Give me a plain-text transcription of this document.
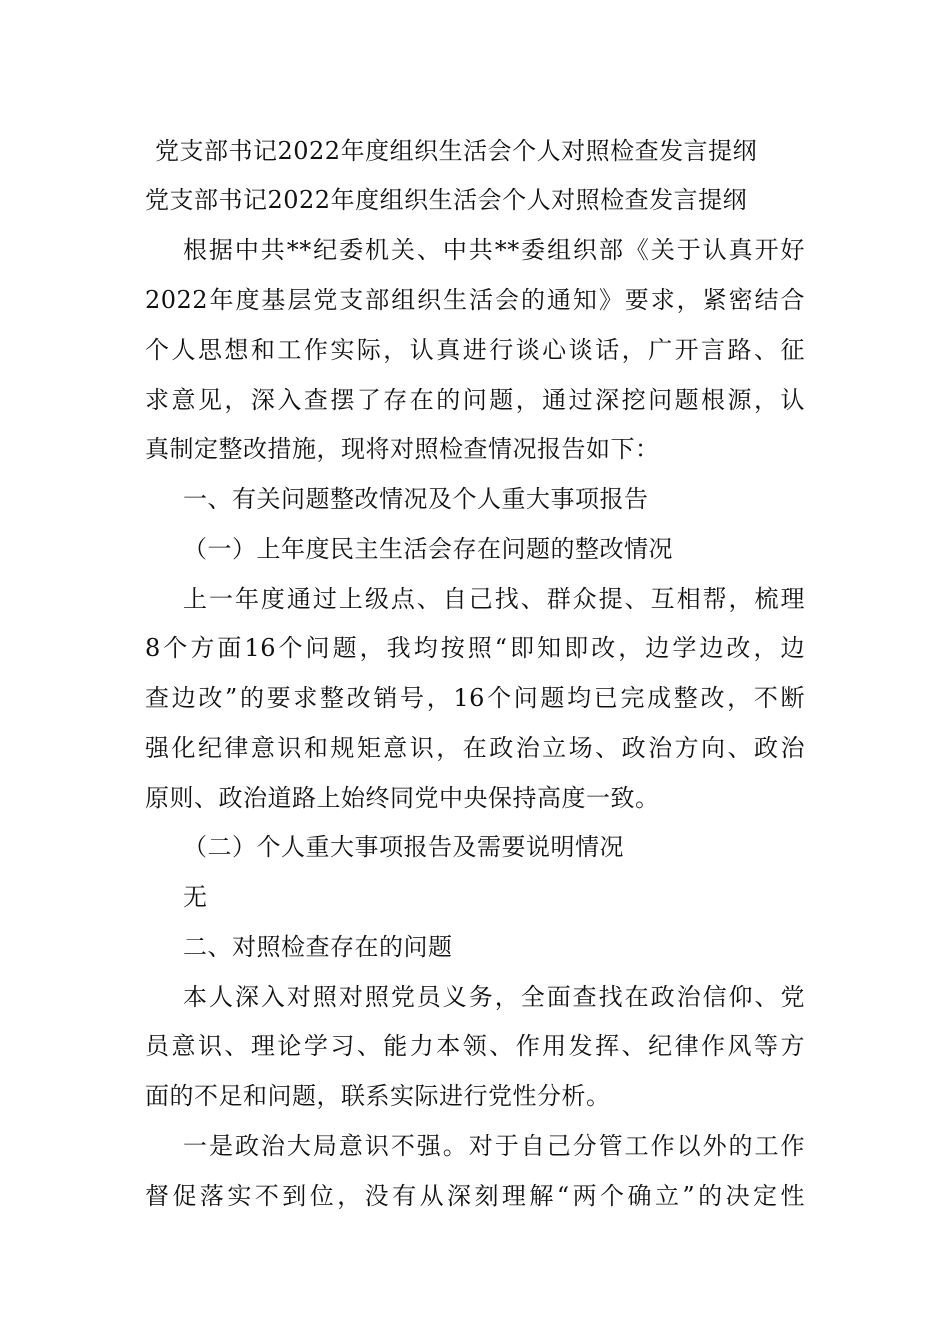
党支部书记2022年度组织生活会个人对照检查发言提纲
党支部书记2022年度组织生活会个人对照检查发言提纲
根据中共**纪委机关、中共**委组织部《关于认真开好
2022年度基层党支部组织生活会的通知》要求，紧密结合
个人思想和工作实际，认真进行谈心谈话，广开言路、征
求意见，深入查摆了存在的问题，通过深挖问题根源，认
真制定整改措施，现将对照检查情况报告如下：
一、有关问题整改情况及个人重大事项报告
（一）上年度民主生活会存在问题的整改情况
上一年度通过上级点、自己找、群众提、互相帮，梳理
8个方面16个问题，我均按照“即知即改，边学边改，边
查边改”的要求整改销号，16个问题均已完成整改，不断
强化纪律意识和规矩意识，在政治立场、政治方向、政治
原则、政治道路上始终同党中央保持高度一致。
（二）个人重大事项报告及需要说明情况
无
二、对照检查存在的问题
本人深入对照对照党员义务，全面查找在政治信仰、党
员意识、理论学习、能力本领、作用发挥、纪律作风等方
面的不足和问题，联系实际进行党性分析。
一是政治大局意识不强。对于自己分管工作以外的工作
督促落实不到位，没有从深刻理解“两个确立”的决定性
